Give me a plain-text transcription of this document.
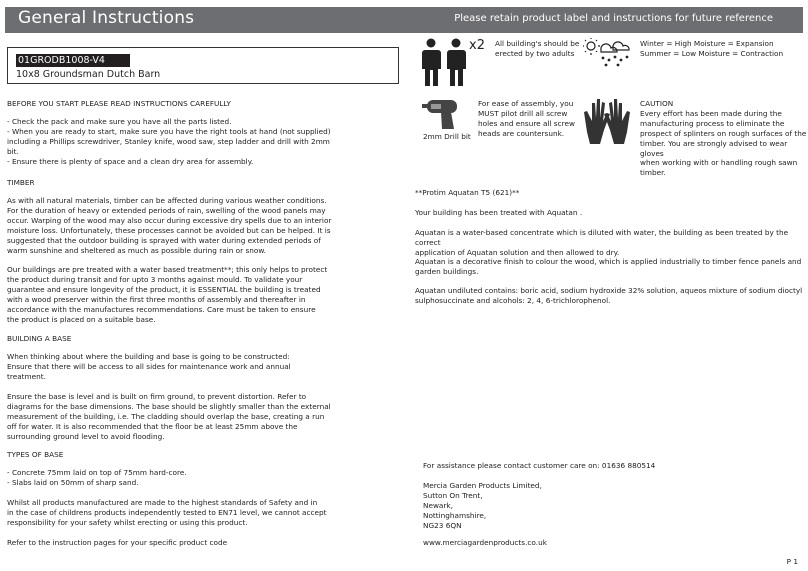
General Instructions	Please retain product label and instructions for future reference
01GRODB1008-V4
10x8 Groundsman Dutch Barn
BEFORE YOU START PLEASE READ INSTRUCTIONS CAREFULLY
- Check the pack and make sure you have all the parts listed.
- When you are ready to start, make sure you have the right tools at hand (not supplied)
including a Phillips screwdriver, Stanley knife, wood saw, step ladder and drill with 2mm
bit.
- Ensure there is plenty of space and a clean dry area for assembly.
TIMBER
As with all natural materials, timber can be affected during various weather conditions.
For the duration of heavy or extended periods of rain, swelling of the wood panels may
occur. Warping of the wood may also occur during excessive dry spells due to an interior
moisture loss. Unfortunately, these processes cannot be avoided but can be helped. It is
suggested that the outdoor building is sprayed with water during extended periods of
warm sunshine and sheltered as much as possible during rain or snow.
Our buildings are pre treated with a water based treatment**; this only helps to protect
the product during transit and for upto 3 months against mould. To validate your
guarantee and ensure longevity of the product, it is ESSENTIAL the building is treated
with a wood preserver within the first three months of assembly and thereafter in
accordance with the manufactures recommendations. Care must be taken to ensure
the product is placed on a suitable base.
BUILDING A BASE
When thinking about where the building and base is going to be constructed:
Ensure that there will be access to all sides for maintenance work and annual
treatment.
Ensure the base is level and is built on firm ground, to prevent distortion. Refer to
diagrams for the base dimensions. The base should be slightly smaller than the external
measurement of the building, i.e. The cladding should overlap the base, creating a run
off for water. It is also recommended that the floor be at least 25mm above the
surrounding ground level to avoid flooding.
TYPES OF BASE
- Concrete 75mm laid on top of 75mm hard-core.
- Slabs laid on 50mm of sharp sand.
Whilst all products manufactured are made to the highest standards of Safety and in
in the case of childrens products independently tested to EN71 level, we cannot accept
responsibility for your safety whilst erecting or using this product.
Refer to the instruction pages for your specific product code
x2 All building's should be
erected by two adults
Winter = High Moisture = Expansion
Summer = Low Moisture = Contraction
2mm Drill bit
For ease of assembly, you
MUST pilot drill all screw
holes and ensure all screw
heads are countersunk.
CAUTION
Every effort has been made during the
manufacturing process to eliminate the
prospect of splinters on rough surfaces of the
timber. You are strongly advised to wear gloves
when working with or handling rough sawn
timber.
**Protim Aquatan T5 (621)**
Your building has been treated with Aquatan .
Aquatan is a water-based concentrate which is diluted with water, the building as been treated by the correct
application of Aquatan solution and then allowed to dry.
Aquatan is a decorative finish to colour the wood, which is applied industrially to timber fence panels and
garden buildings.
Aquatan undiluted contains: boric acid, sodium hydroxide 32% solution, aqueos mixture of sodium dioctyl
sulphosuccinate and alcohols: 2, 4, 6-trichlorophenol.
For assistance please contact customer care on: 01636 880514
Mercia Garden Products Limited,
Sutton On Trent,
Newark,
Nottinghamshire,
NG23 6QN
www.merciagardenproducts.co.uk
P 1
